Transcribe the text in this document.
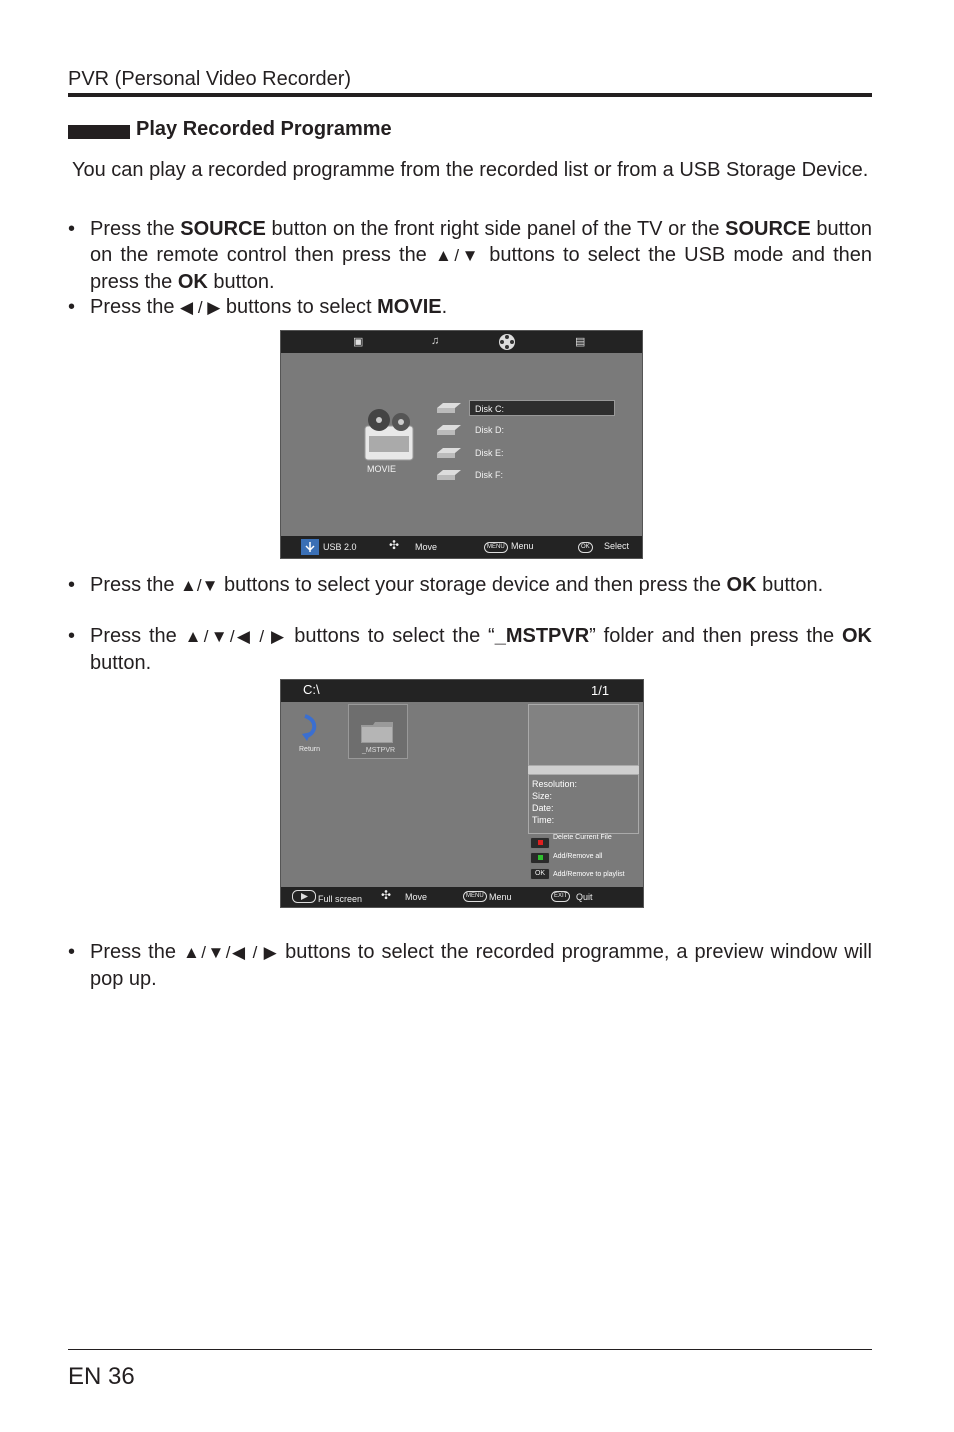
PVR (Personal Video Recorder)
Play Recorded Programme
You can play a recorded programme from the recorded list or from a USB Storage Device.
• Press the SOURCE button on the front right side panel of the TV or the SOURCE button on the remote control then press the ▲/▼ buttons to select the USB mode and then press the OK button.
• Press the ◀ / ▶ buttons to select MOVIE.
▣	♫	▤
MOVIE
Disk C:
Disk D:
Disk E:
Disk F:
USB 2.0	✣ Move	MENU Menu	OK	Select
• Press the ▲/▼ buttons to select your storage device and then press the OK button.
• Press the ▲/▼/◀ / ▶ buttons to select the “_MSTPVR” folder and then press the OK button.
C:\	1/1
Return	_MSTPVR
Resolution:
Size:
Date:
Time:
Delete Current File
Add/Remove all
OK	Add/Remove to playlist
Full screen ✣ Move	MENU Menu	EXIT Quit
• Press the ▲/▼/◀ / ▶ buttons to select the recorded programme, a preview window will pop up.
EN 36
